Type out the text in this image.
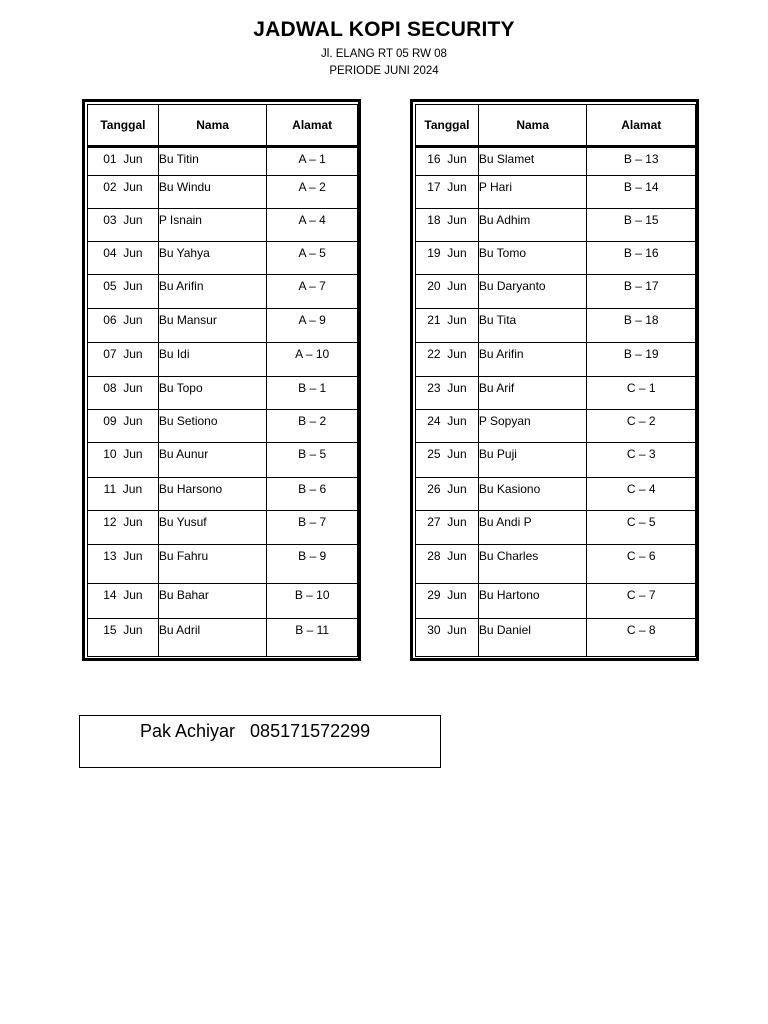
JADWAL KOPI SECURITY
Jl. ELANG RT 05 RW 08
PERIODE JUNI 2024
Tanggal	Nama	Alamat
01  Jun	Bu Titin	A – 1
02  Jun	Bu Windu	A – 2
03  Jun	P Isnain	A – 4
04  Jun	Bu Yahya	A – 5
05  Jun	Bu Arifin	A – 7
06  Jun	Bu Mansur	A – 9
07  Jun	Bu Idi	A – 10
08  Jun	Bu Topo	B – 1
09  Jun	Bu Setiono	B – 2
10  Jun	Bu Aunur	B – 5
11  Jun	Bu Harsono	B – 6
12  Jun	Bu Yusuf	B – 7
13  Jun	Bu Fahru	B – 9
14  Jun	Bu Bahar	B – 10
15  Jun	Bu Adril	B – 11
Tanggal	Nama	Alamat
16  Jun	Bu Slamet	B – 13
17  Jun	P Hari	B – 14
18  Jun	Bu Adhim	B – 15
19  Jun	Bu Tomo	B – 16
20  Jun	Bu Daryanto	B – 17
21  Jun	Bu Tita	B – 18
22  Jun	Bu Arifin	B – 19
23  Jun	Bu Arif	C – 1
24  Jun	P Sopyan	C – 2
25  Jun	Bu Puji	C – 3
26  Jun	Bu Kasiono	C – 4
27  Jun	Bu Andi P	C – 5
28  Jun	Bu Charles	C – 6
29  Jun	Bu Hartono	C – 7
30  Jun	Bu Daniel	C – 8
Pak Achiyar   085171572299
